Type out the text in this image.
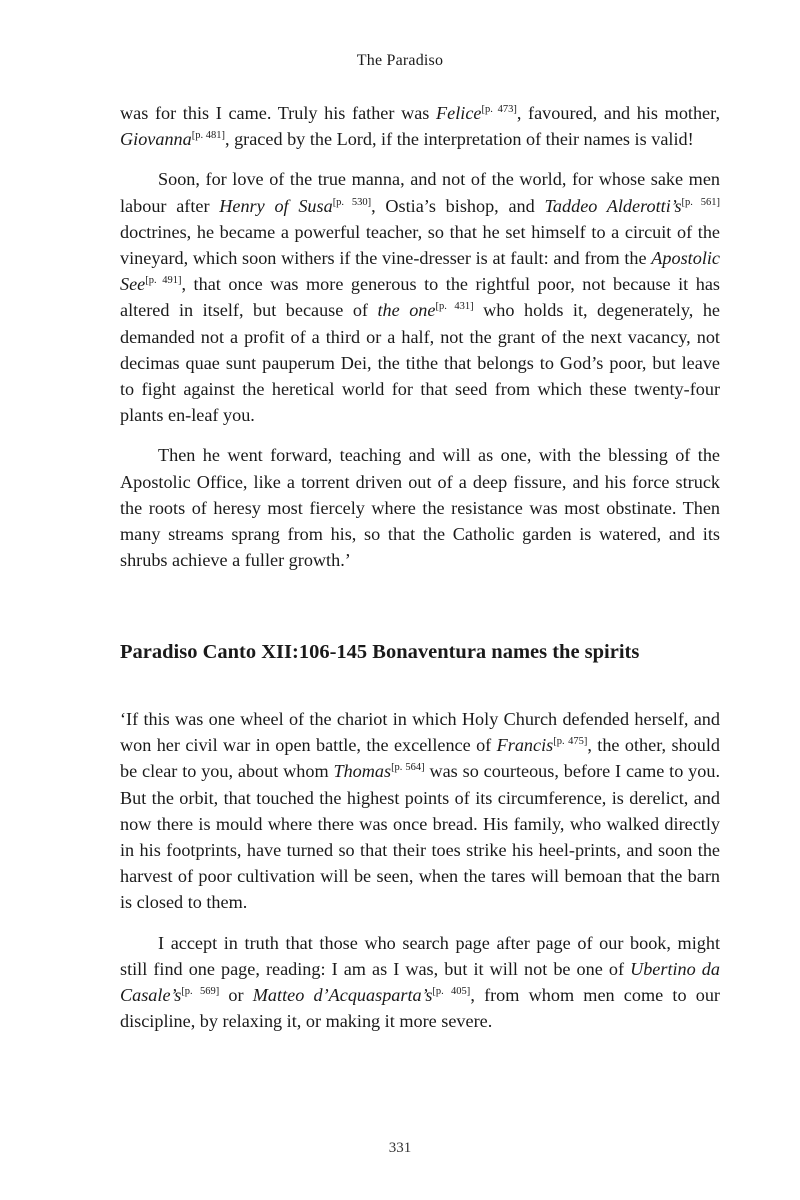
The Paradiso

was for this I came. Truly his father was Felice[p. 473], favoured, and his mother, Giovanna[p. 481], graced by the Lord, if the interpretation of their names is valid!

Soon, for love of the true manna, and not of the world, for whose sake men labour after Henry of Susa[p. 530], Ostia’s bishop, and Taddeo Alderotti’s[p. 561] doctrines, he became a powerful teacher, so that he set himself to a circuit of the vineyard, which soon withers if the vine-dresser is at fault: and from the Apostolic See[p. 491], that once was more generous to the rightful poor, not because it has altered in itself, but because of the one[p. 431] who holds it, degenerately, he demanded not a profit of a third or a half, not the grant of the next vacancy, not decimas quae sunt pauperum Dei, the tithe that belongs to God’s poor, but leave to fight against the heretical world for that seed from which these twenty-four plants en-leaf you.

Then he went forward, teaching and will as one, with the blessing of the Apostolic Office, like a torrent driven out of a deep fissure, and his force struck the roots of heresy most fiercely where the resistance was most obstinate. Then many streams sprang from his, so that the Catholic garden is watered, and its shrubs achieve a fuller growth.’

Paradiso Canto XII:106-145 Bonaventura names the spirits

‘If this was one wheel of the chariot in which Holy Church defended herself, and won her civil war in open battle, the excellence of Francis[p. 475], the other, should be clear to you, about whom Thomas[p. 564] was so courteous, before I came to you. But the orbit, that touched the highest points of its circumference, is derelict, and now there is mould where there was once bread. His family, who walked directly in his footprints, have turned so that their toes strike his heel-prints, and soon the harvest of poor cultivation will be seen, when the tares will bemoan that the barn is closed to them.

I accept in truth that those who search page after page of our book, might still find one page, reading: I am as I was, but it will not be one of Ubertino da Casale’s[p. 569] or Matteo d’Acquasparta’s[p. 405], from whom men come to our discipline, by relaxing it, or making it more severe.

331
